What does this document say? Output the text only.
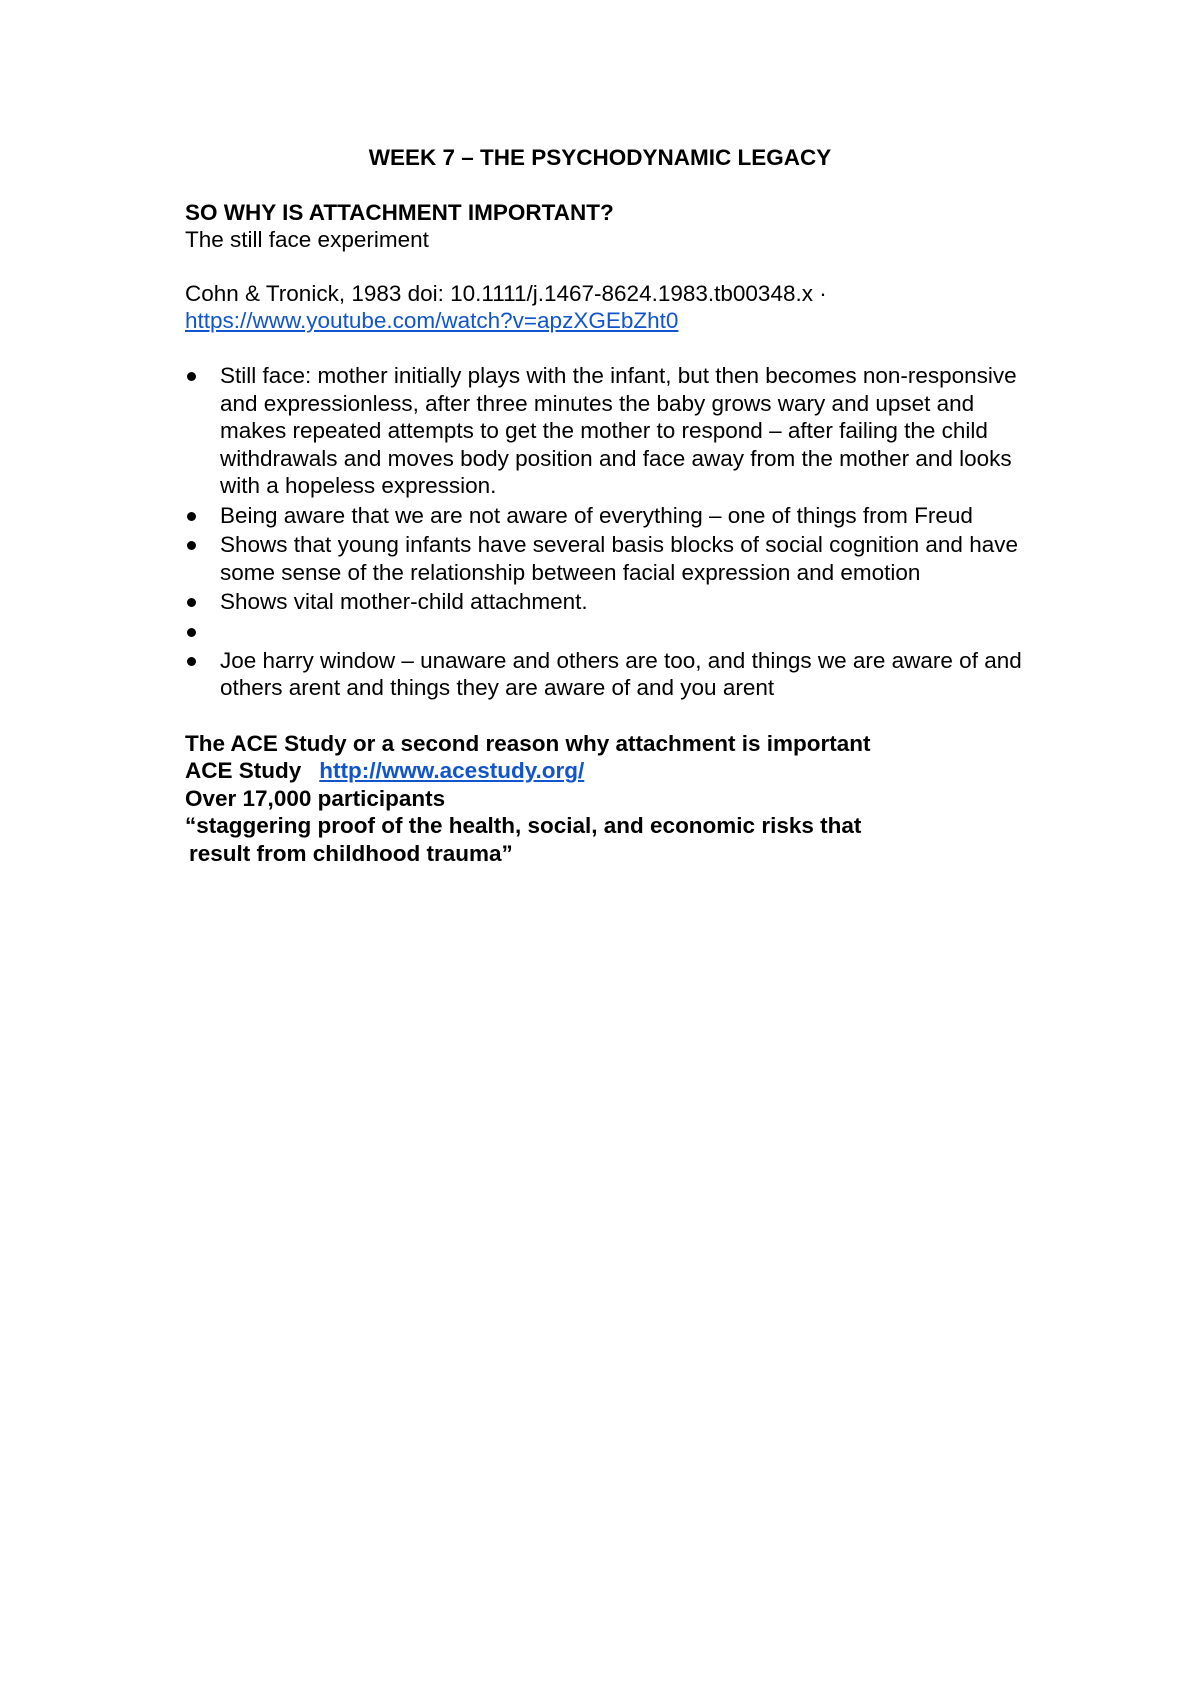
WEEK 7 – THE PSYCHODYNAMIC LEGACY

SO WHY IS ATTACHMENT IMPORTANT?

The still face experiment

Cohn & Tronick, 1983 doi: 10.1111/j.1467-8624.1983.tb00348.x ·

https://www.youtube.com/watch?v=apzXGEbZht0

Still face: mother initially plays with the infant, but then becomes non-responsive and expressionless, after three minutes the baby grows wary and upset and makes repeated attempts to get the mother to respond – after failing the child withdrawals and moves body position and face away from the mother and looks with a hopeless expression.
Being aware that we are not aware of everything – one of things from Freud
Shows that young infants have several basis blocks of social cognition and have some sense of the relationship between facial expression and emotion
Shows vital mother-child attachment.
Joe harry window – unaware and others are too, and things we are aware of and others arent and things they are aware of and you arent

The ACE Study or a second reason why attachment is important

ACE Study http://www.acestudy.org/

Over 17,000 participants

“staggering proof of the health, social, and economic risks that

result from childhood trauma”
